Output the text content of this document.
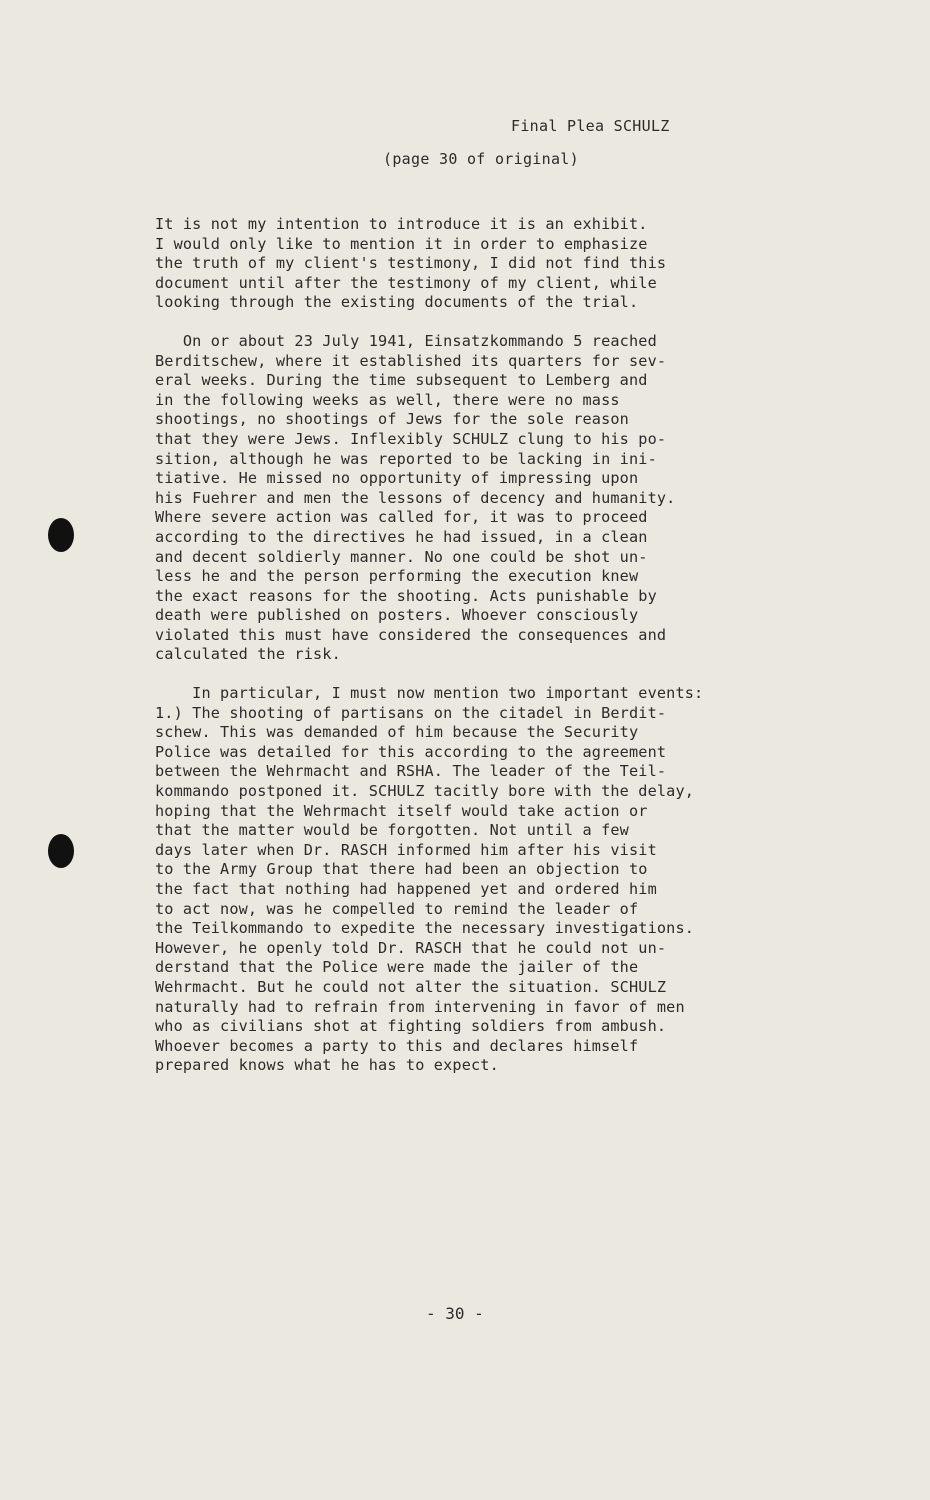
Final Plea SCHULZ
(page 30 of original)
It is not my intention to introduce it is an exhibit.
I would only like to mention it in order to emphasize
the truth of my client's testimony, I did not find this
document until after the testimony of my client, while
looking through the existing documents of the trial.
On or about 23 July 1941, Einsatzkommando 5 reached
Berditschew, where it established its quarters for sev-
eral weeks. During the time subsequent to Lemberg and
in the following weeks as well, there were no mass
shootings, no shootings of Jews for the sole reason
that they were Jews. Inflexibly SCHULZ clung to his po-
sition, although he was reported to be lacking in ini-
tiative. He missed no opportunity of impressing upon
his Fuehrer and men the lessons of decency and humanity.
Where severe action was called for, it was to proceed
according to the directives he had issued, in a clean
and decent soldierly manner. No one could be shot un-
less he and the person performing the execution knew
the exact reasons for the shooting. Acts punishable by
death were published on posters. Whoever consciously
violated this must have considered the consequences and
calculated the risk.
In particular, I must now mention two important events:
1.) The shooting of partisans on the citadel in Berdit-
schew. This was demanded of him because the Security
Police was detailed for this according to the agreement
between the Wehrmacht and RSHA. The leader of the Teil-
kommando postponed it. SCHULZ tacitly bore with the delay,
hoping that the Wehrmacht itself would take action or
that the matter would be forgotten. Not until a few
days later when Dr. RASCH informed him after his visit
to the Army Group that there had been an objection to
the fact that nothing had happened yet and ordered him
to act now, was he compelled to remind the leader of
the Teilkommando to expedite the necessary investigations.
However, he openly told Dr. RASCH that he could not un-
derstand that the Police were made the jailer of the
Wehrmacht. But he could not alter the situation. SCHULZ
naturally had to refrain from intervening in favor of men
who as civilians shot at fighting soldiers from ambush.
Whoever becomes a party to this and declares himself
prepared knows what he has to expect.
- 30 -
